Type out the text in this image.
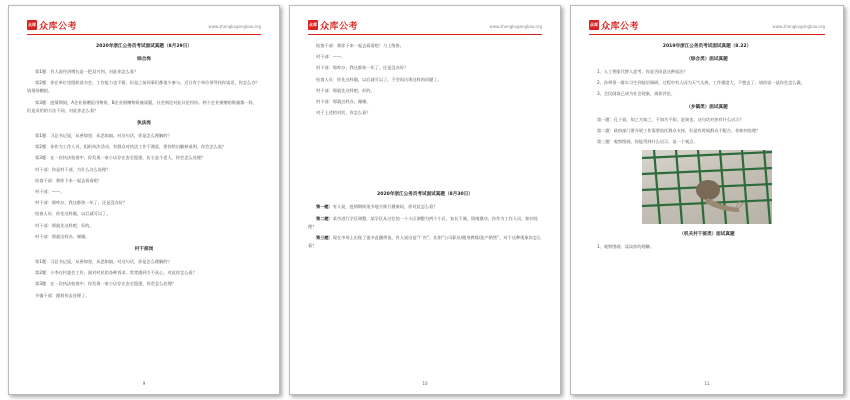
众库 众库公考	www.zhongkugongkao.org
2020年浙江公务员考试面试真题（8月29日）
综合岗

第1题：有人说经济增长是一把双刃剑，对此你怎么看？

第2题：你在单位里组织读书会，工作能力也不错，但是之前同事们都很少参与。近日有个单位领导找你谈话，你怎么办？请现场模拟。

第3题：疫情期间，A企业捐赠医用物资，B企业捐赠物资被质疑，社会舆论对此议论纷纷。两个企业捐赠的数量都一样，但是采用的方法不同，对此你怎么看？

执法岗

第1题：习总书记说，从善如登，从恶如崩。对这句话，你是怎么理解的？

第2题：你作为工作人员，组织执法活动，有群众对执法工作不满意，要你给出解释说明，你会怎么说？

第3题：在一次执法检查中，你发现一家小店存在安全隐患，店主是个老人，你会怎么处理？

村干部：你是村干部，为什么这么处理？

检查干部：那你下来一起去看看吧！

村干部：——。

村干部：那咋办，我这都快一年了，还是没办好？

检查人员：你先这样做，以后就可以了。

村干部：那就先这样吧，好的。

村干部：那就这样办，谢谢。

村干部岗

第1题：习总书记说，从善如登，从恶如崩。对这句话，你是怎么理解的？

第2题：小李在村委会工作，面对村民的各种诉求，常常感到力不从心，对此你怎么看？

第3题：在一次执法检查中，你发现一家小店存在安全隐患，你会怎么处理？

多镇干部：跟着你去处理了。

9
众库 众库公考	www.zhongkugongkao.org

检查干部：那你下来一起去看看吧！与上级协。

村干部：——。

村干部：那咋办，我这都快一年了，还是没办好？

检查人员：你先这样做，以后就可以了，不会再出现这样的问题了。

村干部：那就先这样吧，好的。

村干部：那就这样办，谢谢。

对于上述的对话，你怎么看？

2020年浙江公务员考试面试真题（8月30日）

第一题：有人说，疫情期间很多地方推行健康码，你对此怎么看？

第二题：某市进行学区调整，某学区从过往的一个小区调整为两个小区，家长不满，情绪激动，你作为工作人员，如何处理？

第三题：现在市场上出现了很多直播带货，有人说这是“广告”，比如“公司职员/健身教练/流产销售”，对于这种现象你怎么看？

10
众库 众库公考	www.zhongkugongkao.org
2019年浙江公务员考试面试真题（8.22）
（综合类）面试真题

1、人工智能代替人思考，你是否同意这种说法？

2、你带领一群实习生到基层调研，过程中有人因为天气太热，工作强度大，不想去了，请你谈一谈你会怎么做。

3、全民阅读已成为社会现象，请你评论。

（乡镇类）面试真题

第一题：孔子说，知之为知之，不知为不知，是知也。这句话对你有什么启示？

第二题：政府部门要开展工作需要依托群众支持，但是有时候群众不配合，你如何处理？

第三题：观察图画，你能得到什么启示，谈一个观点。

（机关村干部类）面试真题

1、观察图画，谈谈你的理解。

11
